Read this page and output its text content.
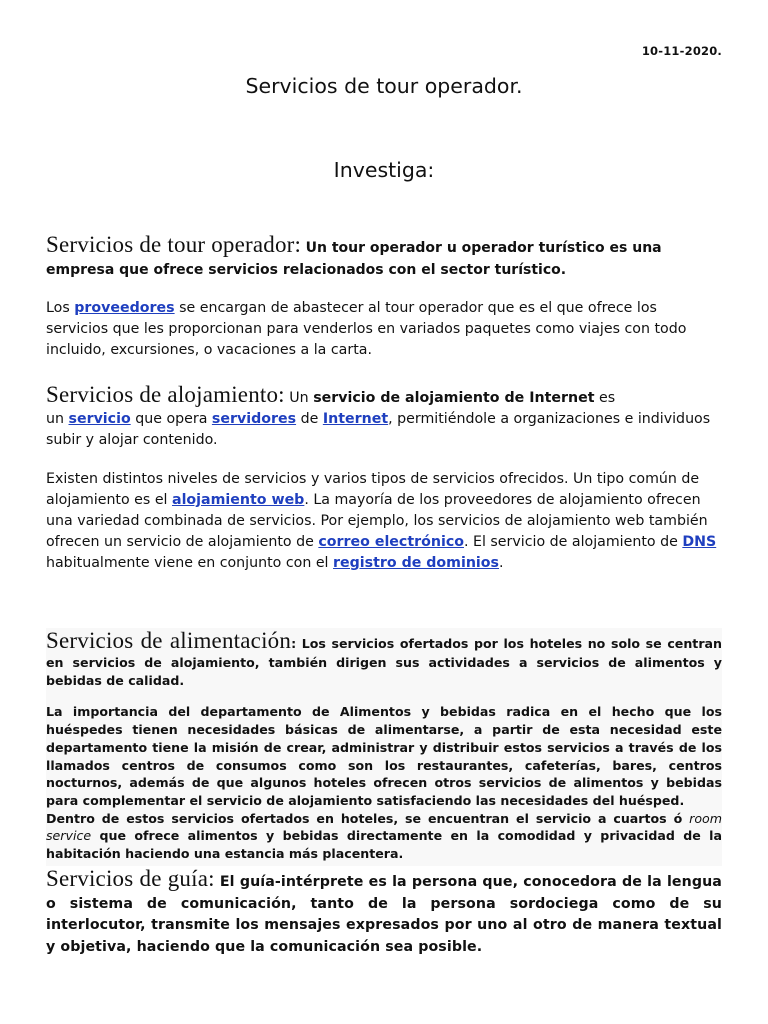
10-11-2020.
Servicios de tour operador.
Investiga:
Servicios de tour operador: Un tour operador u operador turístico es una
empresa que ofrece servicios relacionados con el sector turístico.

Los proveedores se encargan de abastecer al tour operador que es el que ofrece los servicios que les proporcionan para venderlos en variados paquetes como viajes con todo incluido, excursiones, o vacaciones a la carta.

Servicios de alojamiento: Un servicio de alojamiento de Internet es
un servicio que opera servidores de Internet, permitiéndole a organizaciones e individuos subir y alojar contenido.

Existen distintos niveles de servicios y varios tipos de servicios ofrecidos. Un tipo común de alojamiento es el alojamiento web. La mayoría de los proveedores de alojamiento ofrecen una variedad combinada de servicios. Por ejemplo, los servicios de alojamiento web también ofrecen un servicio de alojamiento de correo electrónico. El servicio de alojamiento de DNS habitualmente viene en conjunto con el registro de dominios.

Servicios de alimentación: Los servicios ofertados por los hoteles no solo se centran en servicios de alojamiento, también dirigen sus actividades a servicios de alimentos y bebidas de calidad.

La importancia del departamento de Alimentos y bebidas radica en el hecho que los huéspedes tienen necesidades básicas de alimentarse, a partir de esta necesidad este departamento tiene la misión de crear, administrar y distribuir estos servicios a través de los llamados centros de consumos como son los restaurantes, cafeterías, bares, centros nocturnos, además de que algunos hoteles ofrecen otros servicios de alimentos y bebidas para complementar el servicio de alojamiento satisfaciendo las necesidades del huésped.

Dentro de estos servicios ofertados en hoteles, se encuentran el servicio a cuartos ó room service que ofrece alimentos y bebidas directamente en la comodidad y privacidad de la habitación haciendo una estancia más placentera.

Servicios de guía: El guía-intérprete es la persona que, conocedora de la lengua o sistema de comunicación, tanto de la persona sordociega como de su interlocutor, transmite los mensajes expresados por uno al otro de manera textual y objetiva, haciendo que la comunicación sea posible.
